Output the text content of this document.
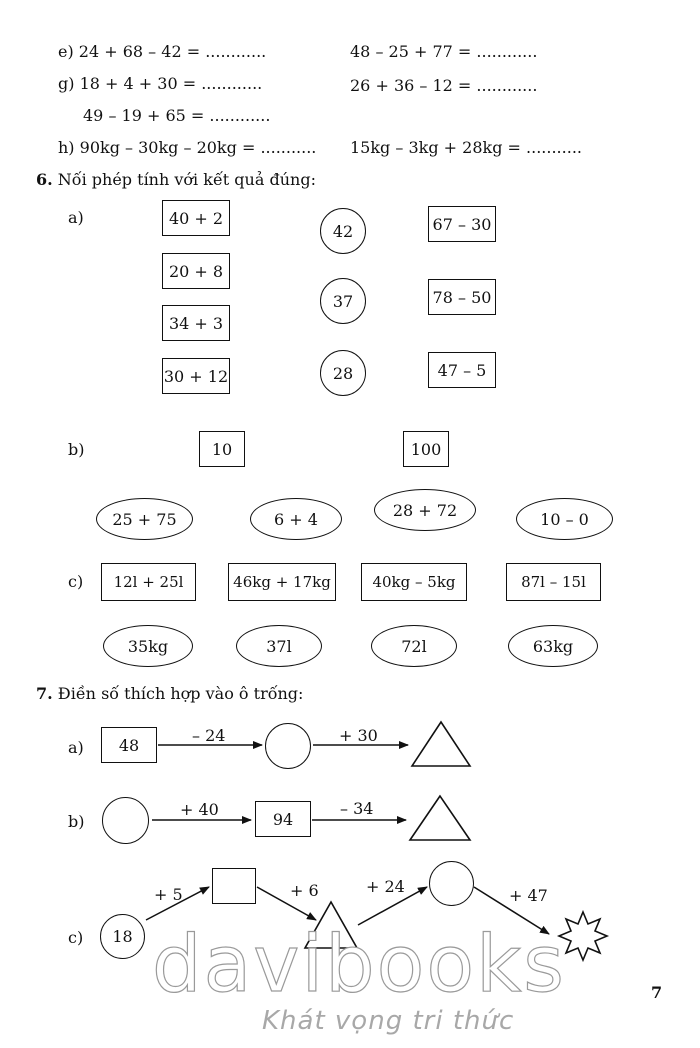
e) 24 + 68 – 42 = ............	48 – 25 + 77 = ............
g) 18 + 4 + 30 = ............	26 + 36 – 12 = ............
49 – 19 + 65 = ............
h) 90kg – 30kg – 20kg = ........... 15kg – 3kg + 28kg = ...........
6. Nối phép tính với kết quả đúng:
a)	40 + 2
20 + 8
34 + 3
30 + 12
42
37
28
67 – 30
78 – 50
47 – 5
b)	10	100
25 + 75	6 + 4	28 + 72	10 – 0
c)	12l + 25l	46kg + 17kg	40kg – 5kg	87l – 15l
35kg	37l	72l	63kg
7. Điền số thích hợp vào ô trống:
a)	48	– 24	+ 30
b)
+ 40	94
– 34
c)	18
+ 5	+ 6	+ 24	+ 47
davibooks
Khát vọng tri thức
7
